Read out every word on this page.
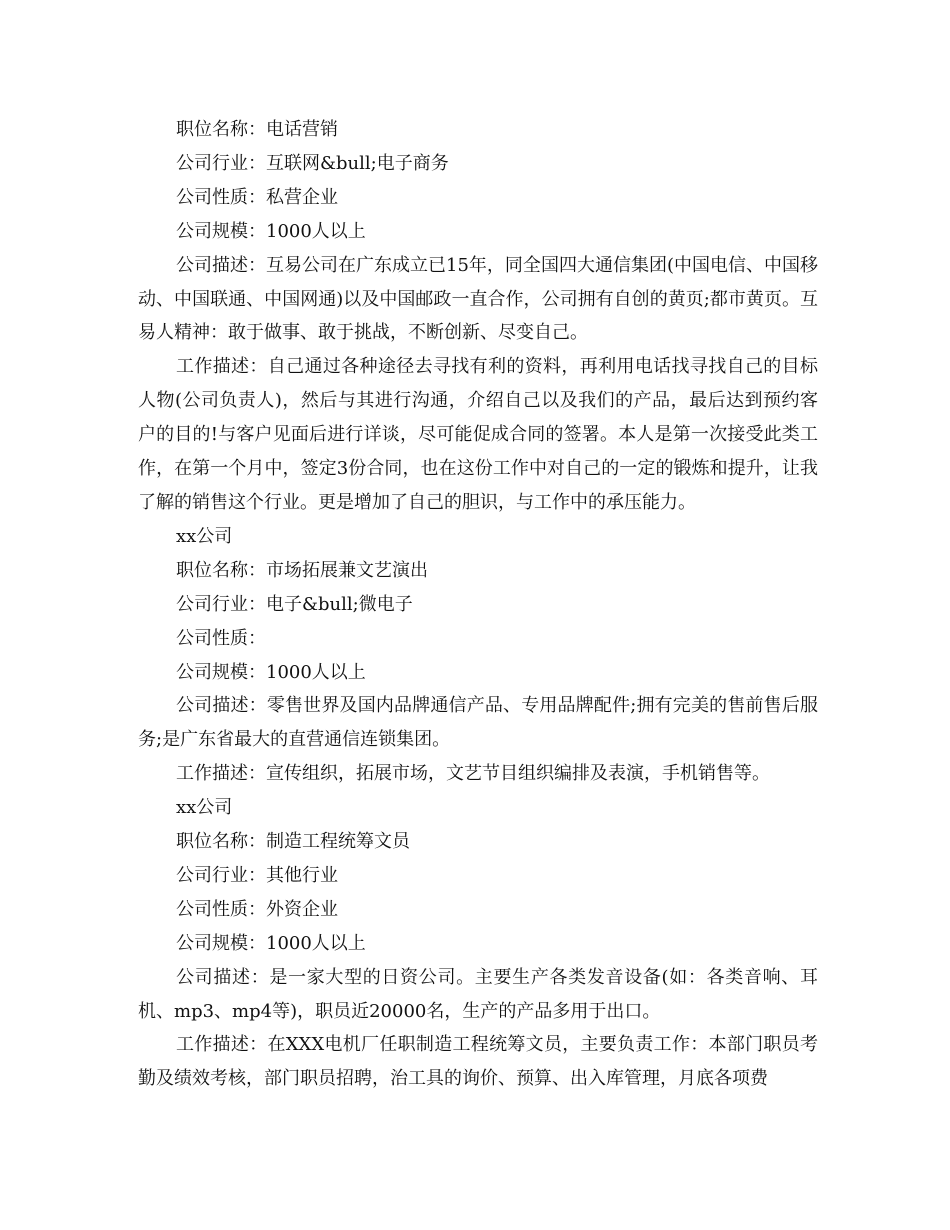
职位名称：电话营销

公司行业：互联网&bull;电子商务

公司性质：私营企业

公司规模：1000人以上

公司描述：互易公司在广东成立已15年，同全国四大通信集团(中国电信、中国移动、中国联通、中国网通)以及中国邮政一直合作，公司拥有自创的黄页;都市黄页。互易人精神：敢于做事、敢于挑战，不断创新、尽变自己。

工作描述：自己通过各种途径去寻找有利的资料，再利用电话找寻找自己的目标人物(公司负责人)，然后与其进行沟通，介绍自己以及我们的产品，最后达到预约客户的目的!与客户见面后进行详谈，尽可能促成合同的签署。本人是第一次接受此类工作，在第一个月中，签定3份合同，也在这份工作中对自己的一定的锻炼和提升，让我了解的销售这个行业。更是增加了自己的胆识，与工作中的承压能力。

xx公司

职位名称：市场拓展兼文艺演出

公司行业：电子&bull;微电子

公司性质：

公司规模：1000人以上

公司描述：零售世界及国内品牌通信产品、专用品牌配件;拥有完美的售前售后服务;是广东省最大的直营通信连锁集团。

工作描述：宣传组织，拓展市场，文艺节目组织编排及表演，手机销售等。

xx公司

职位名称：制造工程统筹文员

公司行业：其他行业

公司性质：外资企业

公司规模：1000人以上

公司描述：是一家大型的日资公司。主要生产各类发音设备(如：各类音响、耳机、mp3、mp4等)，职员近20000名，生产的产品多用于出口。

工作描述：在XXX电机厂任职制造工程统筹文员，主要负责工作：本部门职员考勤及绩效考核，部门职员招聘，治工具的询价、预算、出入库管理，月底各项费
